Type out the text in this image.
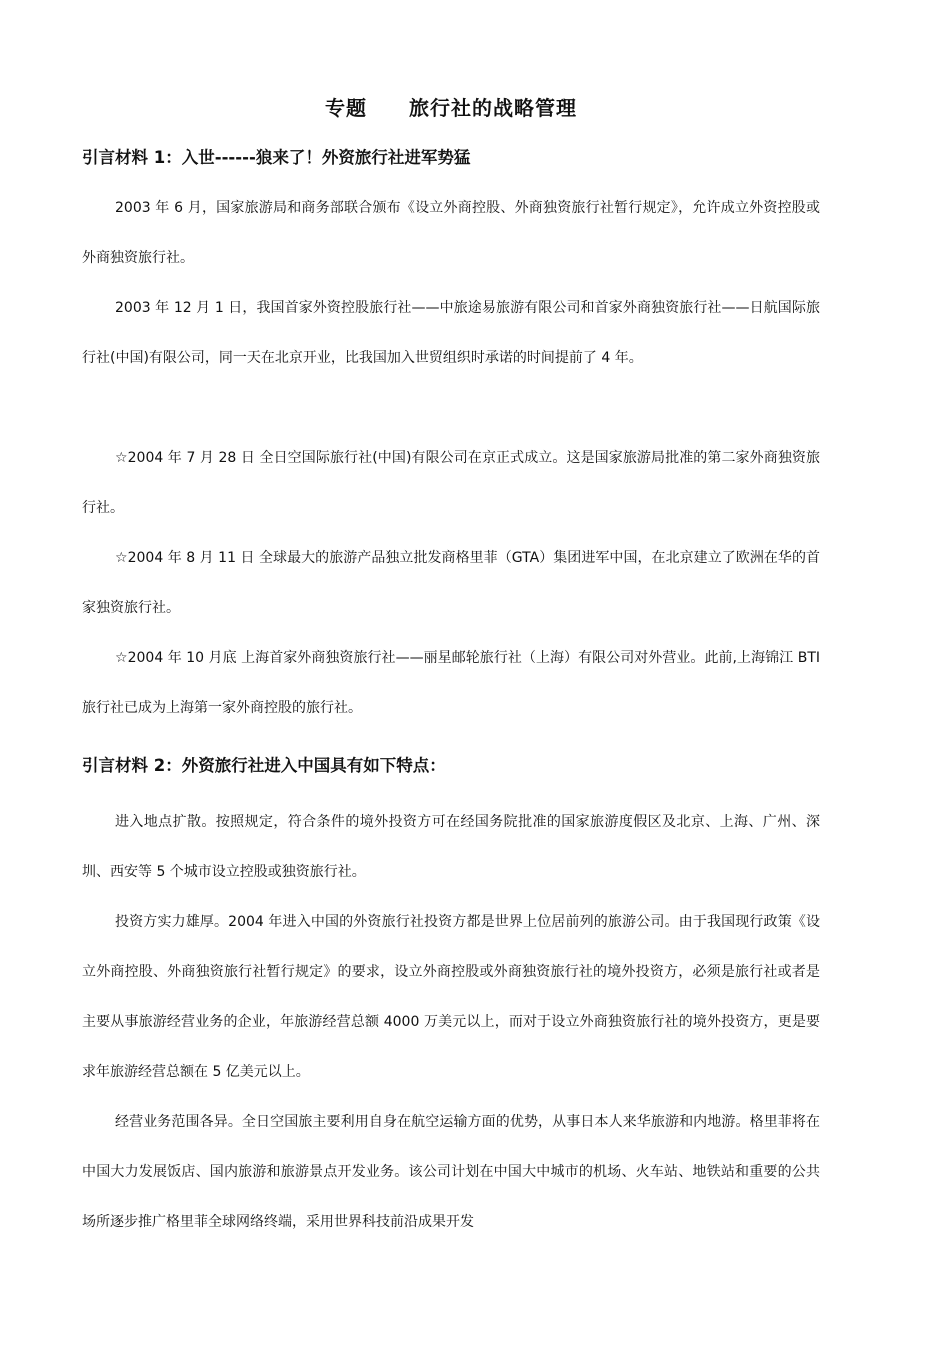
专题　　旅行社的战略管理
引言材料 1：入世------狼来了！外资旅行社进军势猛

2003 年 6 月，国家旅游局和商务部联合颁布《设立外商控股、外商独资旅行社暂行规定》，允许成立外资控股或外商独资旅行社。

2003 年 12 月 1 日，我国首家外资控股旅行社——中旅途易旅游有限公司和首家外商独资旅行社——日航国际旅行社(中国)有限公司，同一天在北京开业，比我国加入世贸组织时承诺的时间提前了 4 年。

☆2004 年 7 月 28 日 全日空国际旅行社(中国)有限公司在京正式成立。这是国家旅游局批准的第二家外商独资旅行社。

☆2004 年 8 月 11 日 全球最大的旅游产品独立批发商格里菲（GTA）集团进军中国，在北京建立了欧洲在华的首家独资旅行社。

☆2004 年 10 月底 上海首家外商独资旅行社——丽星邮轮旅行社（上海）有限公司对外营业。此前,上海锦江 BTI 旅行社已成为上海第一家外商控股的旅行社。

引言材料 2：外资旅行社进入中国具有如下特点：

进入地点扩散。按照规定，符合条件的境外投资方可在经国务院批准的国家旅游度假区及北京、上海、广州、深圳、西安等 5 个城市设立控股或独资旅行社。

投资方实力雄厚。2004 年进入中国的外资旅行社投资方都是世界上位居前列的旅游公司。由于我国现行政策《设立外商控股、外商独资旅行社暂行规定》的要求，设立外商控股或外商独资旅行社的境外投资方，必须是旅行社或者是主要从事旅游经营业务的企业，年旅游经营总额 4000 万美元以上，而对于设立外商独资旅行社的境外投资方，更是要求年旅游经营总额在 5 亿美元以上。

经营业务范围各异。全日空国旅主要利用自身在航空运输方面的优势，从事日本人来华旅游和内地游。格里菲将在中国大力发展饭店、国内旅游和旅游景点开发业务。该公司计划在中国大中城市的机场、火车站、地铁站和重要的公共场所逐步推广格里菲全球网络终端，采用世界科技前沿成果开发
